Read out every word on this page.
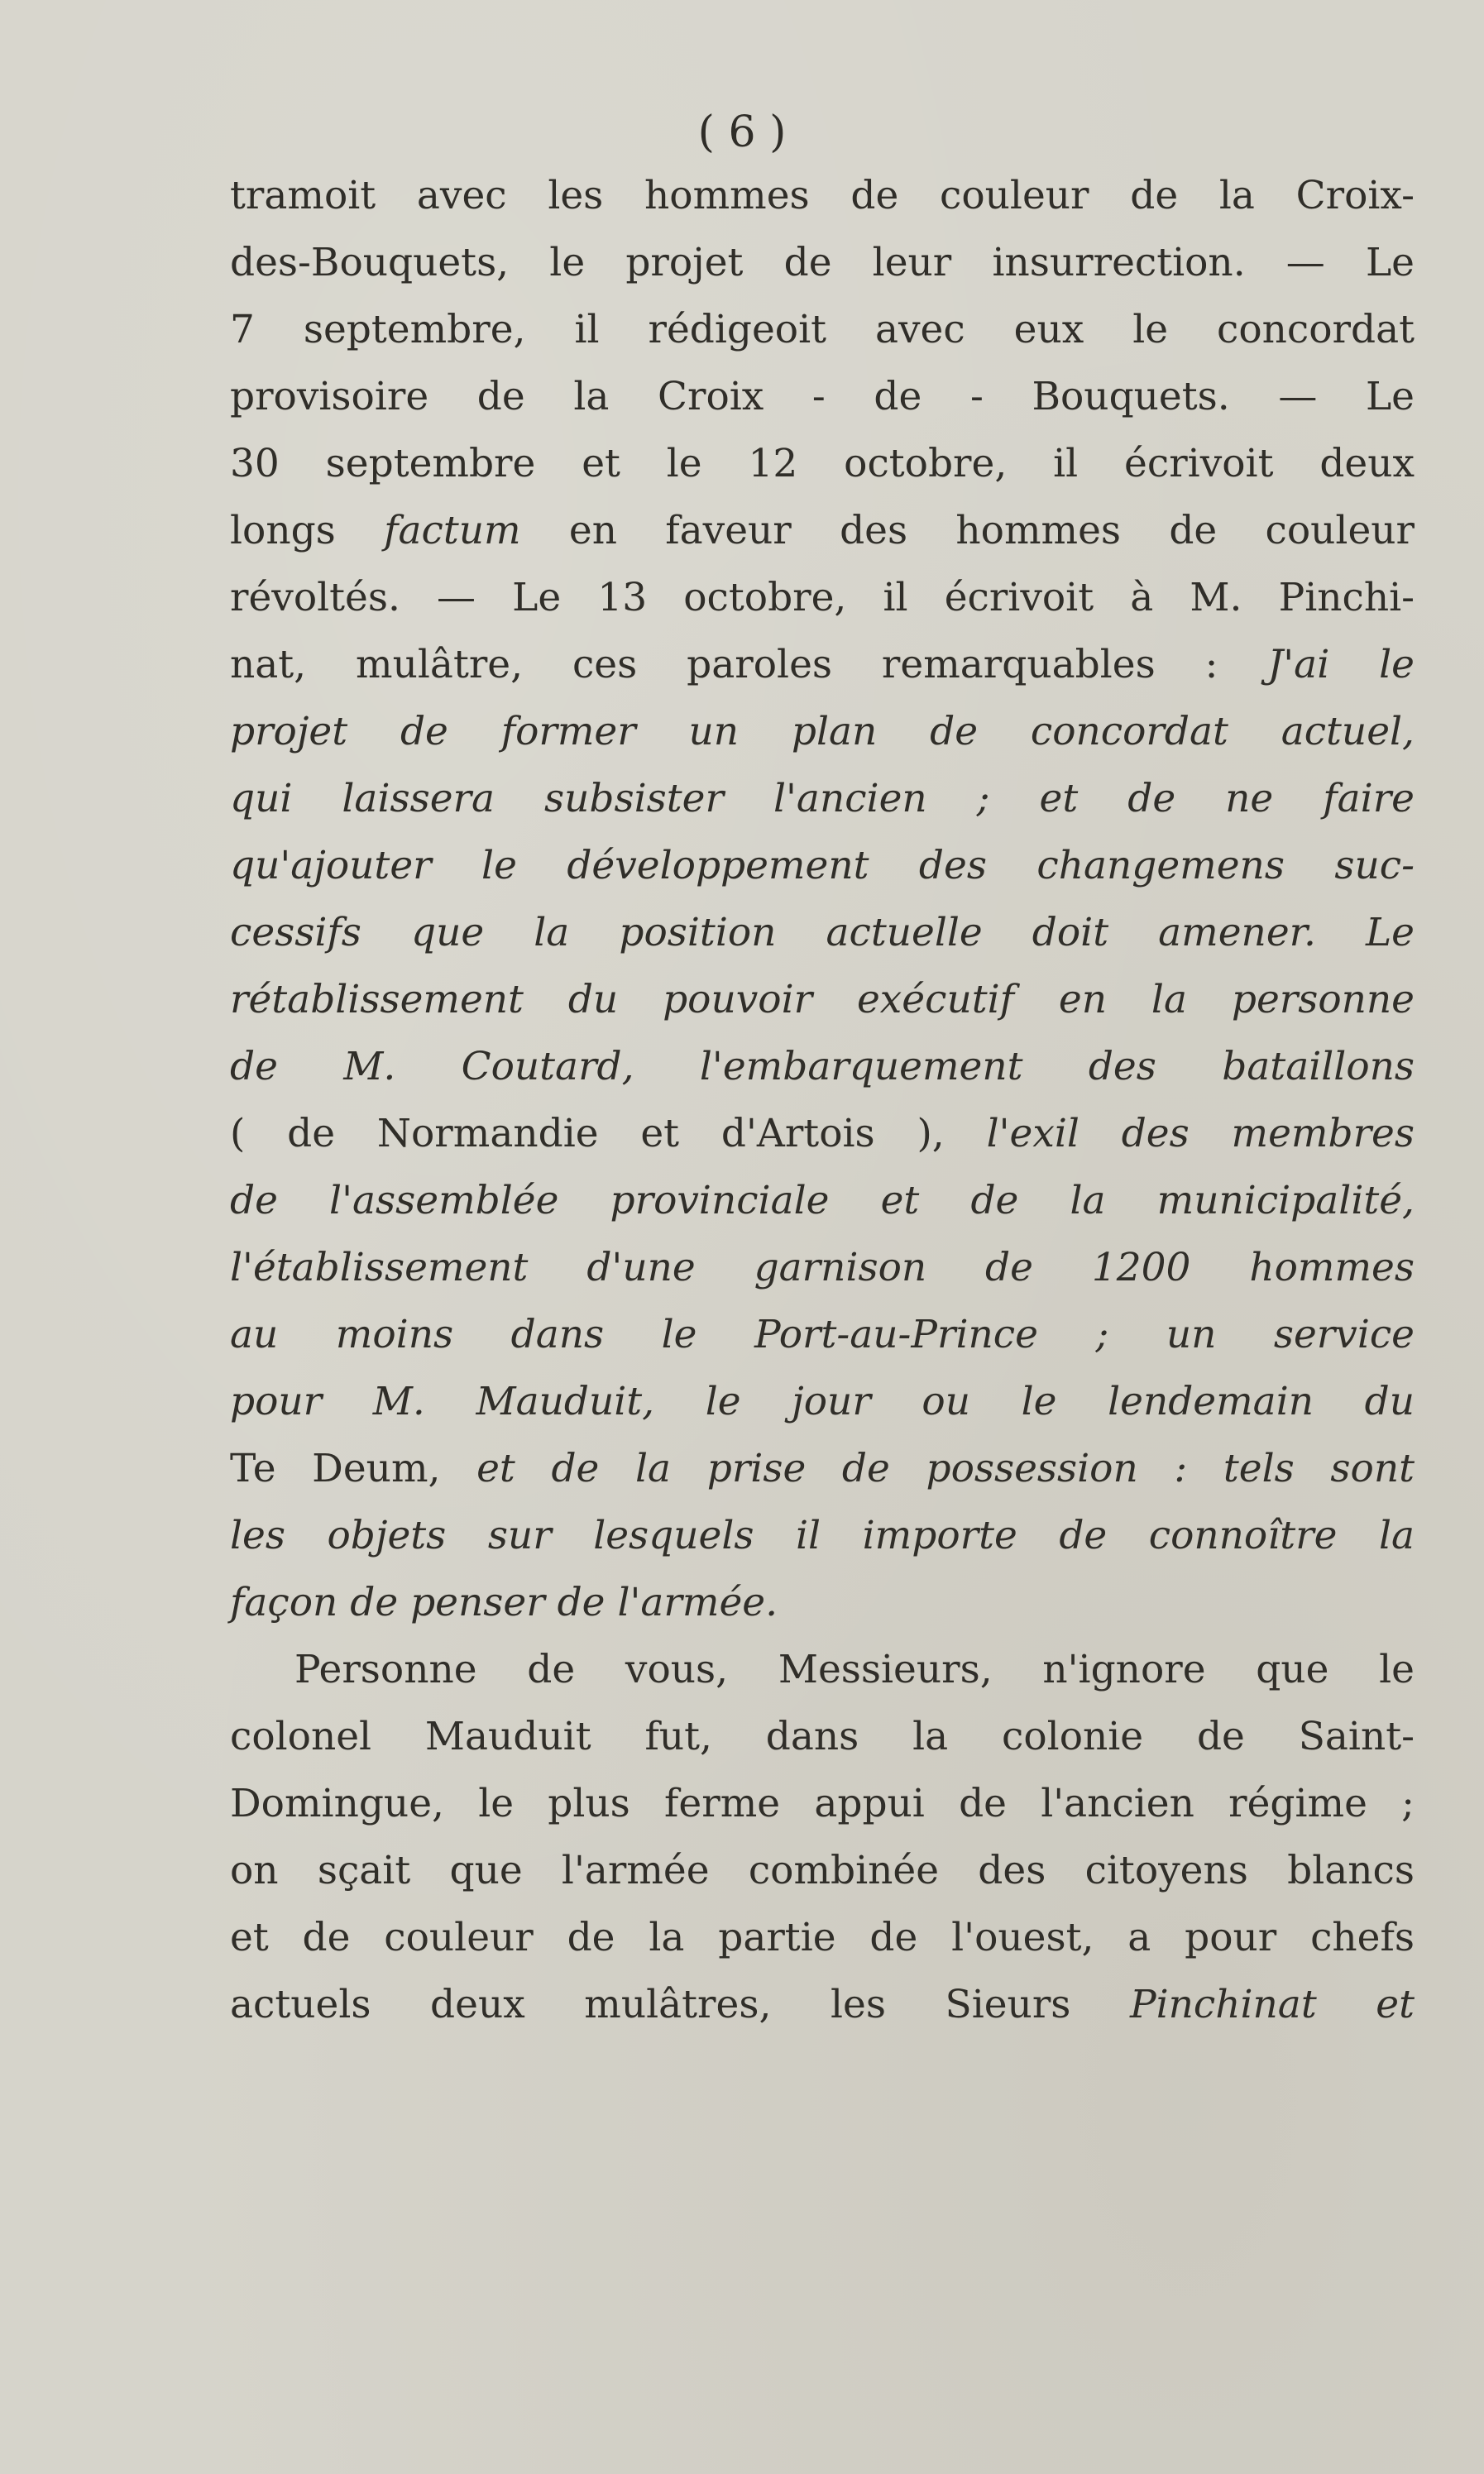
( 6 )

tramoit avec les hommes de couleur de la Croix-
des-Bouquets, le projet de leur insurrection. — Le
7 septembre, il rédigeoit avec eux le concordat
provisoire de la Croix - de - Bouquets. — Le
30 septembre et le 12 octobre, il écrivoit deux
longs factum en faveur des hommes de couleur
révoltés. — Le 13 octobre, il écrivoit à M. Pinchi-
nat, mulâtre, ces paroles remarquables : J'ai le
projet de former un plan de concordat actuel,
qui laissera subsister l'ancien ; et de ne faire
qu'ajouter le développement des changemens suc-
cessifs que la position actuelle doit amener. Le
rétablissement du pouvoir exécutif en la personne
de M. Coutard, l'embarquement des bataillons
( de Normandie et d'Artois ), l'exil des membres
de l'assemblée provinciale et de la municipalité,
l'établissement d'une garnison de 1200 hommes
au moins dans le Port-au-Prince ; un service
pour M. Mauduit, le jour ou le lendemain du
Te Deum, et de la prise de possession : tels sont
les objets sur lesquels il importe de connoître la
façon de penser de l'armée.
Personne de vous, Messieurs, n'ignore que le
colonel Mauduit fut, dans la colonie de Saint-
Domingue, le plus ferme appui de l'ancien régime ;
on sçait que l'armée combinée des citoyens blancs
et de couleur de la partie de l'ouest, a pour chefs
actuels deux mulâtres, les Sieurs Pinchinat et
